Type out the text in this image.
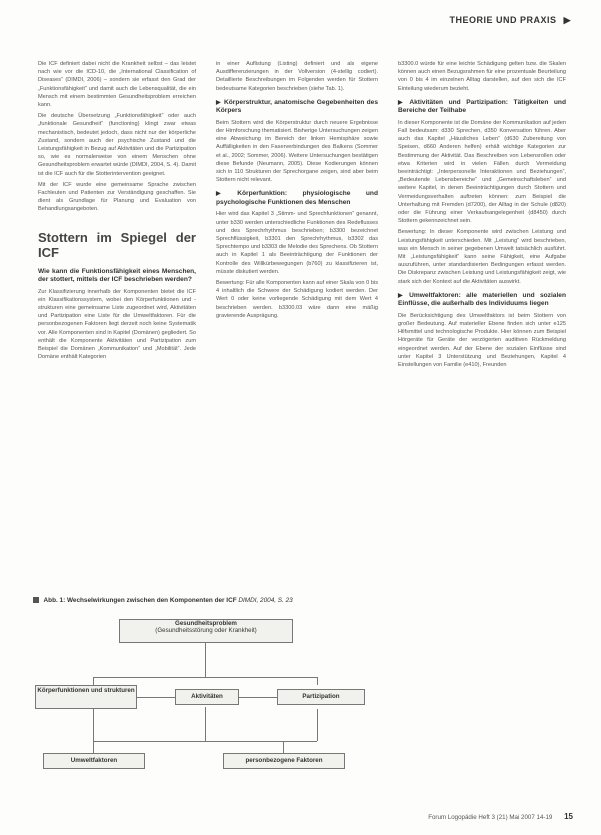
THEORIE UND PRAXIS ▶

Die ICF definiert dabei nicht die Krankheit selbst – das leistet nach wie vor die ICD-10, die „International Classification of Diseases“ (DIMDI, 2006) – sondern sie erfasst den Grad der „Funktionsfähigkeit“ und damit auch die Lebensqualität, die ein Mensch mit einem bestimmten Gesundheitsproblem erreichen kann.

Die deutsche Übersetzung „Funktionsfähigkeit“ oder auch „funktionale Gesundheit“ (functioning) klingt zwar etwas mechanistisch, bedeutet jedoch, dass nicht nur der körperliche Zustand, sondern auch der psychische Zustand und die Leistungsfähigkeit in Bezug auf Aktivitäten und die Partizipation so, wie es normalerweise von einem Menschen ohne Gesundheitsproblem erwartet würde (DIMDI, 2004, S. 4). Damit ist die ICF auch für die Stotterintervention geeignet.

Mit der ICF wurde eine gemeinsame Sprache zwischen Fachleuten und Patienten zur Verständigung geschaffen. Sie dient als Grundlage für Planung und Evaluation von Behandlungsangeboten.

Stottern im Spiegel der ICF
Wie kann die Funktionsfähigkeit eines Menschen, der stottert, mittels der ICF beschrieben werden?

Zur Klassifizierung innerhalb der Komponenten bietet die ICF ein Klassifikationssystem, wobei den Körperfunktionen und -strukturen eine gemeinsame Liste zugeordnet wird, Aktivitäten und Partizipation eine Liste für die Umweltfaktoren. Für die personbezogenen Faktoren liegt derzeit noch keine Systematik vor. Alle Komponenten sind in Kapitel (Domänen) gegliedert. So enthält die Komponente Aktivitäten und Partizipation zum Beispiel die Domänen „Kommunikation“ und „Mobilität“. Jede Domäne enthält Kategorien

in einer Auflistung (Listing) definiert und als eigene Ausdifferenzierungen in der Vollversion (4-stellig codiert). Detaillierte Beschreibungen im Folgenden werden für Stottern bedeutsame Kategorien beschrieben (siehe Tab. 1).

▶ Körperstruktur, anatomische Gegebenheiten des Körpers

Beim Stottern wird die Körperstruktur durch neuere Ergebnisse der Hirnforschung thematisiert. Bisherige Untersuchungen zeigen eine Abweichung im Bereich der linken Hemisphäre sowie Auffälligkeiten in den Faserverbindungen des Balkens (Sommer et al., 2002; Sommer, 2006). Weitere Untersuchungen bestätigen diese Befunde (Neumann, 2005). Diese Kodierungen können sich in 110 Strukturen der Sprechorgane zeigen, sind aber beim Stottern nicht relevant.

▶ Körperfunktion: physiologische und psychologische Funktionen des Menschen

Hier wird das Kapitel 3 „Stimm- und Sprechfunktionen“ genannt, unter b330 werden unterschiedliche Funktionen des Redeflusses und des Sprechrhythmus beschrieben; b3300 bezeichnet Sprechflüssigkeit, b3301 den Sprechrhythmus, b3302 das Sprechtempo und b3303 die Melodie des Sprechens. Ob Stottern auch in Kapitel 1 als Beeinträchtigung der Funktionen der Kontrolle des Willkürbewegungen (b760) zu klassifizieren ist, müsste diskutiert werden.

Bewertung: Für alle Komponenten kann auf einer Skala von 0 bis 4 inhaltlich die Schwere der Schädigung kodiert werden. Der Wert 0 oder keine vorliegende Schädigung mit dem Wert 4 beschrieben werden. b3300.03 wäre dann eine mäßig gravierende Ausprägung.

b3300.0 würde für eine leichte Schädigung gelten bzw. die Skalen können auch einen Bezugsrahmen für eine prozentuale Beurteilung von 0 bis 4 im einzelnen Alltag darstellen, auf den sich die ICF Einteilung wiederum bezieht.

▶ Aktivitäten und Partizipation: Tätigkeiten und Bereiche der Teilhabe

In dieser Komponente ist die Domäne der Kommunikation auf jeden Fall bedeutsam: d330 Sprechen, d350 Konversation führen. Aber auch das Kapitel „Häusliches Leben“ (d630 Zubereitung von Speisen, d660 Anderen helfen) erhält wichtige Kategorien zur Bestimmung der Aktivität. Das Beschreiben von Lebensrollen oder etwa Kriterien wird in vielen Fällen durch Vermeidung beeinträchtigt: „Interpersonelle Interaktionen und Beziehungen“, „Bedeutende Lebensbereiche“ und „Gemeinschaftsleben“ und weitere Kapitel, in denen Beeinträchtigungen durch Stottern und Vermeidungsverhalten auftreten können: zum Beispiel die Unterhaltung mit Fremden (d7200), der Alltag in der Schule (d820) oder die Führung einer Verkaufsangelegenheit (d8450) durch Stottern gekennzeichnet sein.

Bewertung: In dieser Komponente wird zwischen Leistung und Leistungsfähigkeit unterschieden. Mit „Leistung“ wird beschrieben, was ein Mensch in seiner gegebenen Umwelt tatsächlich ausführt. Mit „Leistungsfähigkeit“ kann seine Fähigkeit, eine Aufgabe auszuführen, unter standardisierten Bedingungen erfasst werden. Die Diskrepanz zwischen Leistung und Leistungsfähigkeit zeigt, wie stark sich der Kontext auf die Aktivitäten auswirkt.

▶ Umweltfaktoren: alle materiellen und sozialen Einflüsse, die außerhalb des Individuums liegen

Die Berücksichtigung des Umweltfaktors ist beim Stottern von großer Bedeutung. Auf materieller Ebene finden sich unter e125 Hilfsmittel und technologische Produkte. Hier können zum Beispiel Hörgeräte für Geräte der verzögerten auditiven Rückmeldung eingeordnet werden. Auf der Ebene der sozialen Einflüsse sind unter Kapitel 3 Unterstützung und Beziehungen, Kapitel 4 Einstellungen von Familie (e410), Freunden

Abb. 1: Wechselwirkungen zwischen den Komponenten der ICF DIMDI, 2004, S. 23
Gesundheitsproblem
(Gesundheitsstörung oder Krankheit)
Körperfunktionen und strukturen
Aktivitäten	Partizipation
Umweltfaktoren	personbezogene Faktoren
Forum Logopädie Heft 3 (21) Mai 2007 14-19 15
